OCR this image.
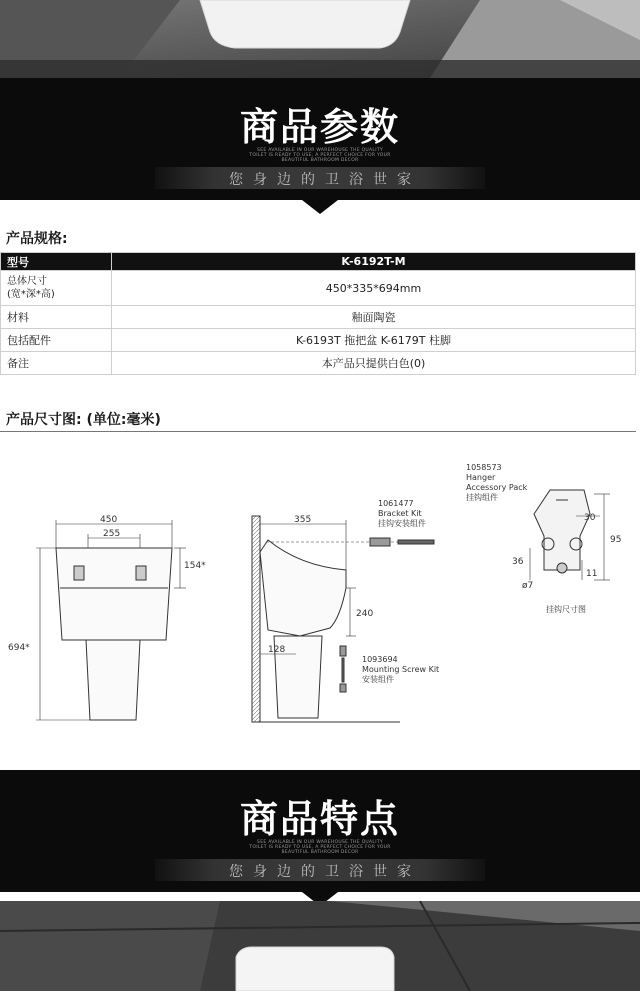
商品参数
SEE AVAILABLE IN OUR WAREHOUSE THE QUALITY
TOILET IS READY TO USE, A PERFECT CHOICE FOR YOUR
BEAUTIFUL BATHROOM DECOR
您身边的卫浴世家
产品规格:
型号	K-6192T-M

总体尺寸
(宽*深*高)	450*335*694mm
材料	釉面陶瓷
包括配件	K-6193T 拖把盆 K-6179T 柱脚
备注	本产品只提供白色(0)
产品尺寸图: (单位:毫米)
450
255
694*
154*
355
240
128
1061477
Bracket Kit
挂钩安装组件
1093694
Mounting Screw Kit
安装组件
1058573
Hanger
Accessory Pack
挂钩组件
30
95
36
11
ø7
挂钩尺寸图
商品特点
SEE AVAILABLE IN OUR WAREHOUSE THE QUALITY
TOILET IS READY TO USE, A PERFECT CHOICE FOR YOUR
BEAUTIFUL BATHROOM DECOR
您身边的卫浴世家
